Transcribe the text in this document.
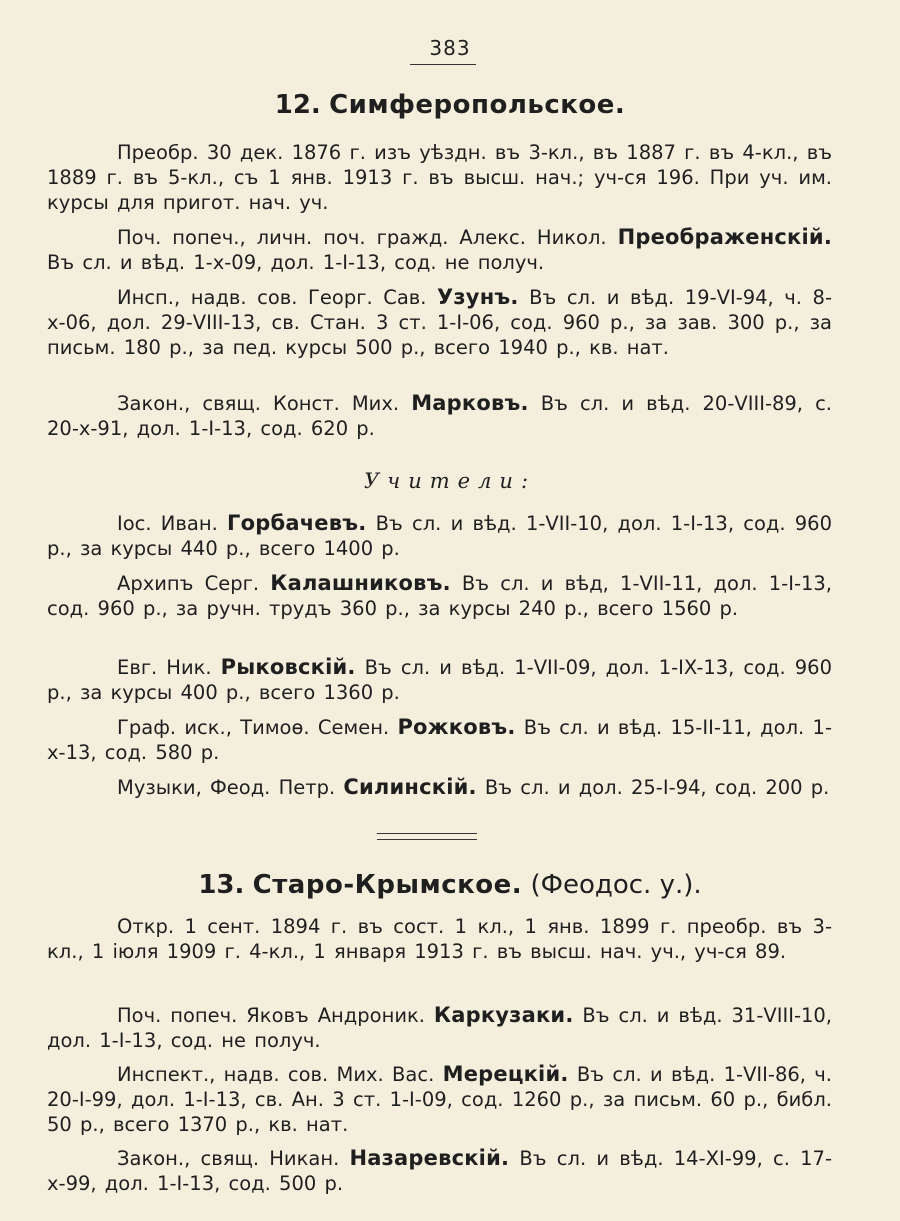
383
12. Симферопольское.
Преобр. 30 дек. 1876 г. изъ уѣздн. въ 3-кл., въ 1887 г. въ 4-кл., въ 1889 г. въ 5-кл., съ 1 янв. 1913 г. въ высш. нач.; уч-ся 196. При уч. им. курсы для пригот. нач. уч.
Поч. попеч., личн. поч. гражд. Алекс. Никол. Преображенскій. Въ сл. и вѣд. 1-х-09, дол. 1-I-13, сод. не получ.
Инсп., надв. сов. Георг. Сав. Узунъ. Въ сл. и вѣд. 19-VI-94, ч. 8-х-06, дол. 29-VIII-13, св. Стан. 3 ст. 1-I-06, сод. 960 р., за зав. 300 р., за письм. 180 р., за пед. курсы 500 р., всего 1940 р., кв. нат.
Закон., свящ. Конст. Мих. Марковъ. Въ сл. и вѣд. 20-VIII-89, с. 20-х-91, дол. 1-I-13, сод. 620 р.
Учители:
Іос. Иван. Горбачевъ. Въ сл. и вѣд. 1-VII-10, дол. 1-I-13, сод. 960 р., за курсы 440 р., всего 1400 р.
Архипъ Серг. Калашниковъ. Въ сл. и вѣд, 1-VII-11, дол. 1-I-13, сод. 960 р., за ручн. трудъ 360 р., за курсы 240 р., всего 1560 р.
Евг. Ник. Рыковскій. Въ сл. и вѣд. 1-VII-09, дол. 1-IX-13, сод. 960 р., за курсы 400 р., всего 1360 р.
Граф. иск., Тимоѳ. Семен. Рожковъ. Въ сл. и вѣд. 15-II-11, дол. 1-х-13, сод. 580 р.
Музыки, Феод. Петр. Силинскій. Въ сл. и дол. 25-I-94, сод. 200 р.
13. Старо-Крымское. (Феодос. у.).
Откр. 1 сент. 1894 г. въ сост. 1 кл., 1 янв. 1899 г. преобр. въ 3-кл., 1 іюля 1909 г. 4-кл., 1 января 1913 г. въ высш. нач. уч., уч-ся 89.
Поч. попеч. Яковъ Андроник. Каркузаки. Въ сл. и вѣд. 31-VIII-10, дол. 1-I-13, сод. не получ.
Инспект., надв. сов. Мих. Вас. Мерецкій. Въ сл. и вѣд. 1-VII-86, ч. 20-I-99, дол. 1-I-13, св. Ан. 3 ст. 1-I-09, сод. 1260 р., за письм. 60 р., библ. 50 р., всего 1370 р., кв. нат.
Закон., свящ. Никан. Назаревскій. Въ сл. и вѣд. 14-XI-99, с. 17-х-99, дол. 1-I-13, сод. 500 р.
